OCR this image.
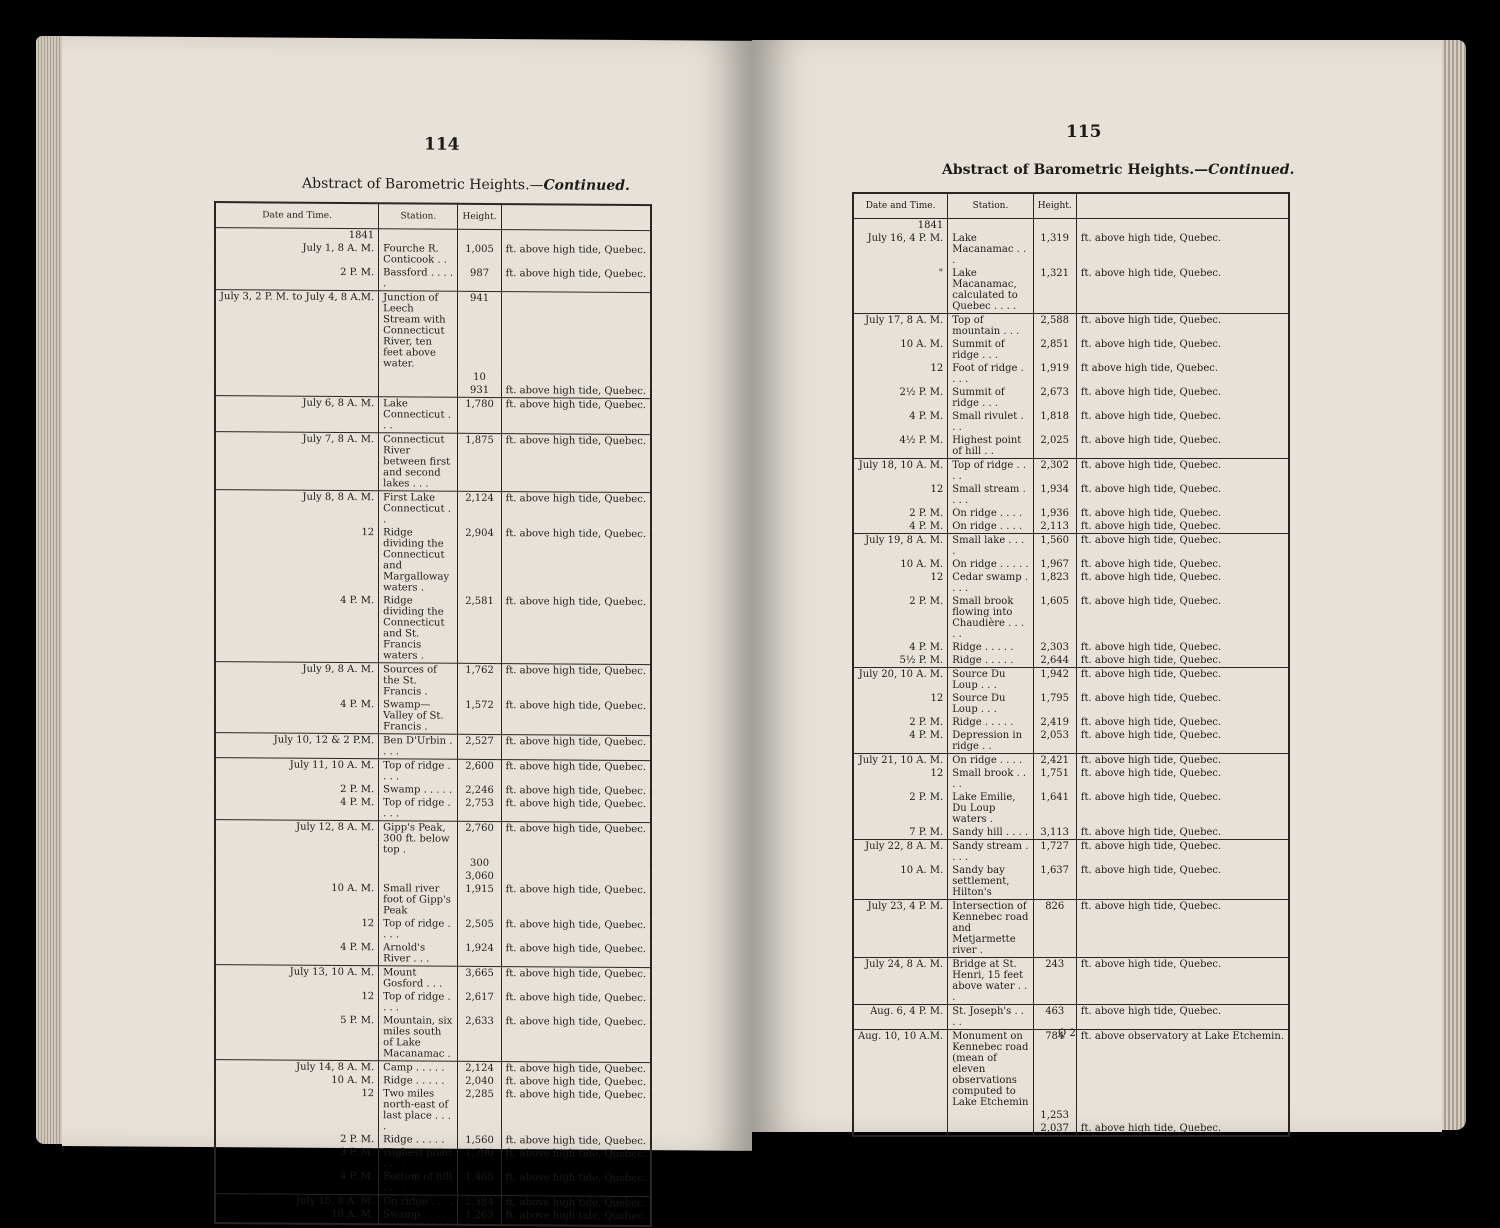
114
Abstract of Barometric Heights.—Continued.
Date and Time.	Station.	Height.	
1841			
July 1, 8 A. M.	Fourche R. Conticook . .	1,005	ft. above high tide, Quebec.
2 P. M.	Bassford . . . . .	987	ft. above high tide, Quebec.
July 3, 2 P. M. to July 4, 8 A.M.	Junction of Leech Stream with Connecticut River, ten feet above water.	941	
		10	
		931	ft. above high tide, Quebec.
July 6, 8 A. M.	Lake Connecticut . . .	1,780	ft. above high tide, Quebec.
July 7, 8 A. M.	Connecticut River between first and second lakes . . .	1,875	ft. above high tide, Quebec.
July 8, 8 A. M.	First Lake Connecticut . .	2,124	ft. above high tide, Quebec.
12	Ridge dividing the Connecticut and Margalloway waters .	2,904	ft. above high tide, Quebec.
4 P. M.	Ridge dividing the Connecticut and St. Francis waters .	2,581	ft. above high tide, Quebec.
July 9, 8 A. M.	Sources of the St. Francis .	1,762	ft. above high tide, Quebec.
4 P. M.	Swamp—Valley of St. Francis .	1,572	ft. above high tide, Quebec.
July 10, 12 & 2 P.M.	Ben D'Urbin . . . .	2,527	ft. above high tide, Quebec.
July 11, 10 A. M.	Top of ridge . . . .	2,600	ft. above high tide, Quebec.
2 P. M.	Swamp . . . . .	2,246	ft. above high tide, Quebec.
4 P. M.	Top of ridge . . . .	2,753	ft. above high tide, Quebec.
July 12, 8 A. M.	Gipp's Peak, 300 ft. below top .	2,760	ft. above high tide, Quebec.
		300	
		3,060	
10 A. M.	Small river foot of Gipp's Peak	1,915	ft. above high tide, Quebec.
12	Top of ridge . . . .	2,505	ft. above high tide, Quebec.
4 P. M.	Arnold's River . . .	1,924	ft. above high tide, Quebec.
July 13, 10 A. M.	Mount Gosford . . .	3,665	ft. above high tide, Quebec.
12	Top of ridge . . . .	2,617	ft. above high tide, Quebec.
5 P. M.	Mountain, six miles south of Lake Macanamac .	2,633	ft. above high tide, Quebec.
July 14, 8 A. M.	Camp . . . . .	2,124	ft. above high tide, Quebec.
10 A. M.	Ridge . . . . .	2,040	ft. above high tide, Quebec.
12	Two miles north-east of last place . . . .	2,285	ft. above high tide, Quebec.
2 P. M.	Ridge . . . . .	1,560	ft. above high tide, Quebec.
3 P. M.	Highest point . . . .	1,790	ft. above high tide, Quebec.
4 P. M.	Bottom of hill . . . .	1,465	ft. above high tide, Quebec.
July 15, 8 A. M.	On ridge . . . .	2,384	ft. above high tide, Quebec.
10 A. M.	Swamp . . . . .	1,263	ft. above high tide, Quebec.

115
Abstract of Barometric Heights.—Continued.
Date and Time.	Station.	Height.	
1841			
July 16, 4 P. M.	Lake Macanamac . . .	1,319	ft. above high tide, Quebec.
"	Lake Macanamac, calculated to Quebec . . . .	1,321	ft. above high tide, Quebec.
July 17, 8 A. M.	Top of mountain . . .	2,588	ft. above high tide, Quebec.
10 A. M.	Summit of ridge . . .	2,851	ft. above high tide, Quebec.
12	Foot of ridge . . . .	1,919	ft above high tide, Quebec.
2½ P. M.	Summit of ridge . . .	2,673	ft. above high tide, Quebec.
4 P. M.	Small rivulet . . .	1,818	ft. above high tide, Quebec.
4½ P. M.	Highest point of hill . .	2,025	ft. above high tide, Quebec.
July 18, 10 A. M.	Top of ridge . . . .	2,302	ft. above high tide, Quebec.
12	Small stream . . . .	1,934	ft. above high tide, Quebec.
2 P. M.	On ridge . . . .	1,936	ft. above high tide, Quebec.
4 P. M.	On ridge . . . .	2,113	ft. above high tide, Quebec.
July 19, 8 A. M.	Small lake . . . .	1,560	ft. above high tide, Quebec.
10 A. M.	On ridge . . . . .	1,967	ft. above high tide, Quebec.
12	Cedar swamp . . . .	1,823	ft. above high tide, Quebec.
2 P. M.	Small brook flowing into Chaudière . . . . .	1,605	ft. above high tide, Quebec.
4 P. M.	Ridge . . . . .	2,303	ft. above high tide, Quebec.
5½ P. M.	Ridge . . . . .	2,644	ft. above high tide, Quebec.
July 20, 10 A. M.	Source Du Loup . . .	1,942	ft. above high tide, Quebec.
12	Source Du Loup . . .	1,795	ft. above high tide, Quebec.
2 P. M.	Ridge . . . . .	2,419	ft. above high tide, Quebec.
4 P. M.	Depression in ridge . .	2,053	ft. above high tide, Quebec.
July 21, 10 A. M.	On ridge . . . .	2,421	ft. above high tide, Quebec.
12	Small brook . . . .	1,751	ft. above high tide, Quebec.
2 P. M.	Lake Emilie, Du Loup waters .	1,641	ft. above high tide, Quebec.
7 P. M.	Sandy hill . . . .	3,113	ft. above high tide, Quebec.
July 22, 8 A. M.	Sandy stream . . . .	1,727	ft. above high tide, Quebec.
10 A. M.	Sandy bay settlement, Hilton's	1,637	ft. above high tide, Quebec.
July 23, 4 P. M.	Intersection of Kennebec road and Metjarmette river .	826	ft. above high tide, Quebec.
July 24, 8 A. M.	Bridge at St. Henri, 15 feet above water . . .	243	ft. above high tide, Quebec.
Aug. 6, 4 P. M.	St. Joseph's . . . .	463	ft. above high tide, Quebec.
Aug. 10, 10 A.M.	Monument on Kennebec road (mean of eleven observations computed to Lake Etchemin	784	ft. above observatory at Lake Etchemin.
		1,253	
		2,037	ft. above high tide, Quebec.
Q 2
